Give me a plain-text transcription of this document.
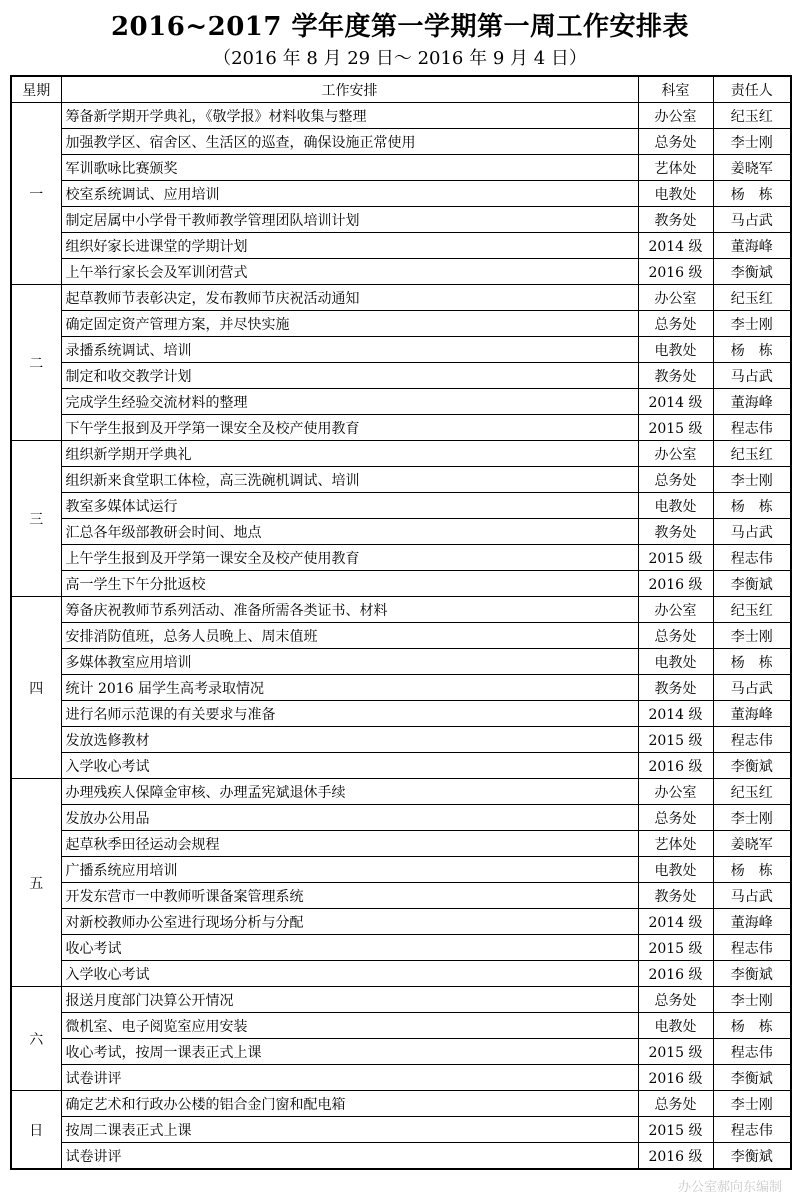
2016~2017 学年度第一学期第一周工作安排表
（2016 年 8 月 29 日～ 2016 年 9 月 4 日）
星期	工作安排	科室	责任人
一	筹备新学期开学典礼，《敬学报》材料收集与整理	办公室	纪玉红
	加强教学区、宿舍区、生活区的巡查，确保设施正常使用	总务处	李士刚
	军训歌咏比赛颁奖	艺体处	姜晓军
	校室系统调试、应用培训	电教处	杨　栋
	制定居属中小学骨干教师教学管理团队培训计划	教务处	马占武
	组织好家长进课堂的学期计划	2014 级	董海峰
	上午举行家长会及军训闭营式	2016 级	李衡斌
二	起草教师节表彰决定，发布教师节庆祝活动通知	办公室	纪玉红
	确定固定资产管理方案，并尽快实施	总务处	李士刚
	录播系统调试、培训	电教处	杨　栋
	制定和收交教学计划	教务处	马占武
	完成学生经验交流材料的整理	2014 级	董海峰
	下午学生报到及开学第一课安全及校产使用教育	2015 级	程志伟
三	组织新学期开学典礼	办公室	纪玉红
	组织新来食堂职工体检，高三洗碗机调试、培训	总务处	李士刚
	教室多媒体试运行	电教处	杨　栋
	汇总各年级部教研会时间、地点	教务处	马占武
	上午学生报到及开学第一课安全及校产使用教育	2015 级	程志伟
	高一学生下午分批返校	2016 级	李衡斌
四	筹备庆祝教师节系列活动、准备所需各类证书、材料	办公室	纪玉红
	安排消防值班，总务人员晚上、周末值班	总务处	李士刚
	多媒体教室应用培训	电教处	杨　栋
	统计 2016 届学生高考录取情况	教务处	马占武
	进行名师示范课的有关要求与准备	2014 级	董海峰
	发放选修教材	2015 级	程志伟
	入学收心考试	2016 级	李衡斌
五	办理残疾人保障金审核、办理孟宪斌退休手续	办公室	纪玉红
	发放办公用品	总务处	李士刚
	起草秋季田径运动会规程	艺体处	姜晓军
	广播系统应用培训	电教处	杨　栋
	开发东营市一中教师听课备案管理系统	教务处	马占武
	对新校教师办公室进行现场分析与分配	2014 级	董海峰
	收心考试	2015 级	程志伟
	入学收心考试	2016 级	李衡斌
六	报送月度部门决算公开情况	总务处	李士刚
	微机室、电子阅览室应用安装	电教处	杨　栋
	收心考试，按周一课表正式上课	2015 级	程志伟
	试卷讲评	2016 级	李衡斌
日	确定艺术和行政办公楼的铝合金门窗和配电箱	总务处	李士刚
	按周二课表正式上课	2015 级	程志伟
	试卷讲评	2016 级	李衡斌
办公室郝向东编制
